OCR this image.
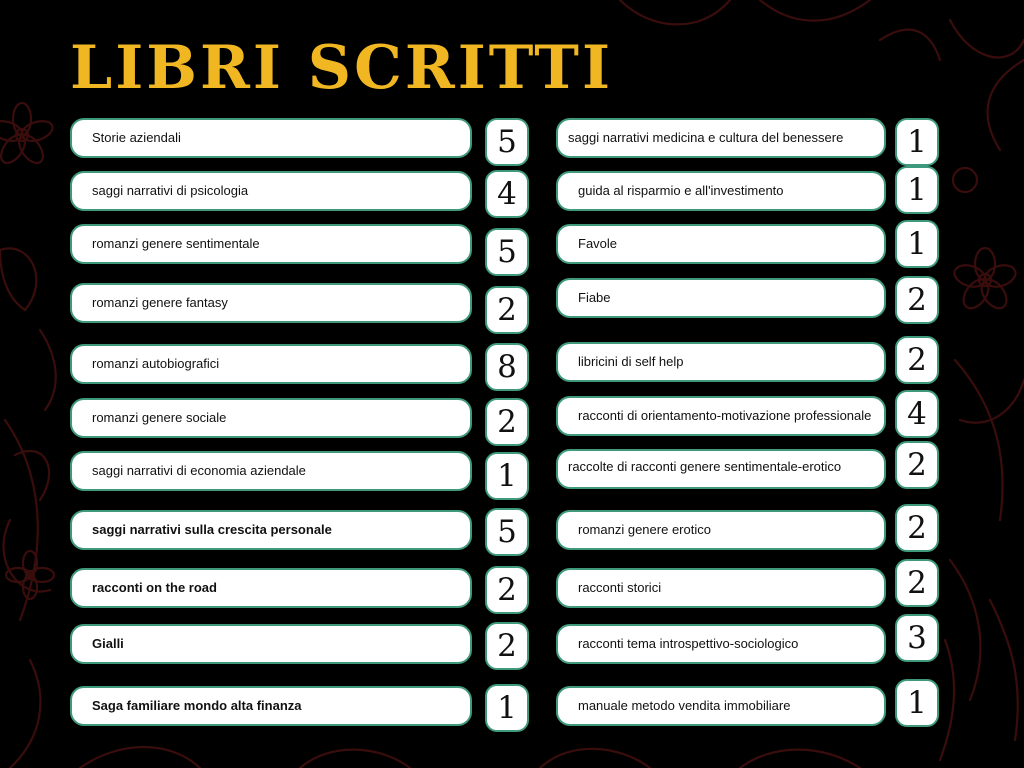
LIBRI SCRITTI
Storie aziendali	5
saggi narrativi di psicologia	4
romanzi genere sentimentale	5
romanzi genere fantasy	2
romanzi autobiografici	8
romanzi genere sociale	2
saggi narrativi di economia aziendale	1
saggi narrativi sulla crescita personale	5
racconti on the road	2
Gialli	2
Saga familiare mondo alta finanza	1
saggi narrativi medicina e cultura del benessere	1
guida al risparmio e all'investimento	1
Favole	1
Fiabe	2
libricini di self help	2
racconti di orientamento-motivazione professionale	4
raccolte di racconti genere sentimentale-erotico	2
romanzi genere erotico	2
racconti storici	2
racconti tema introspettivo-sociologico	3
manuale metodo vendita immobiliare	1
